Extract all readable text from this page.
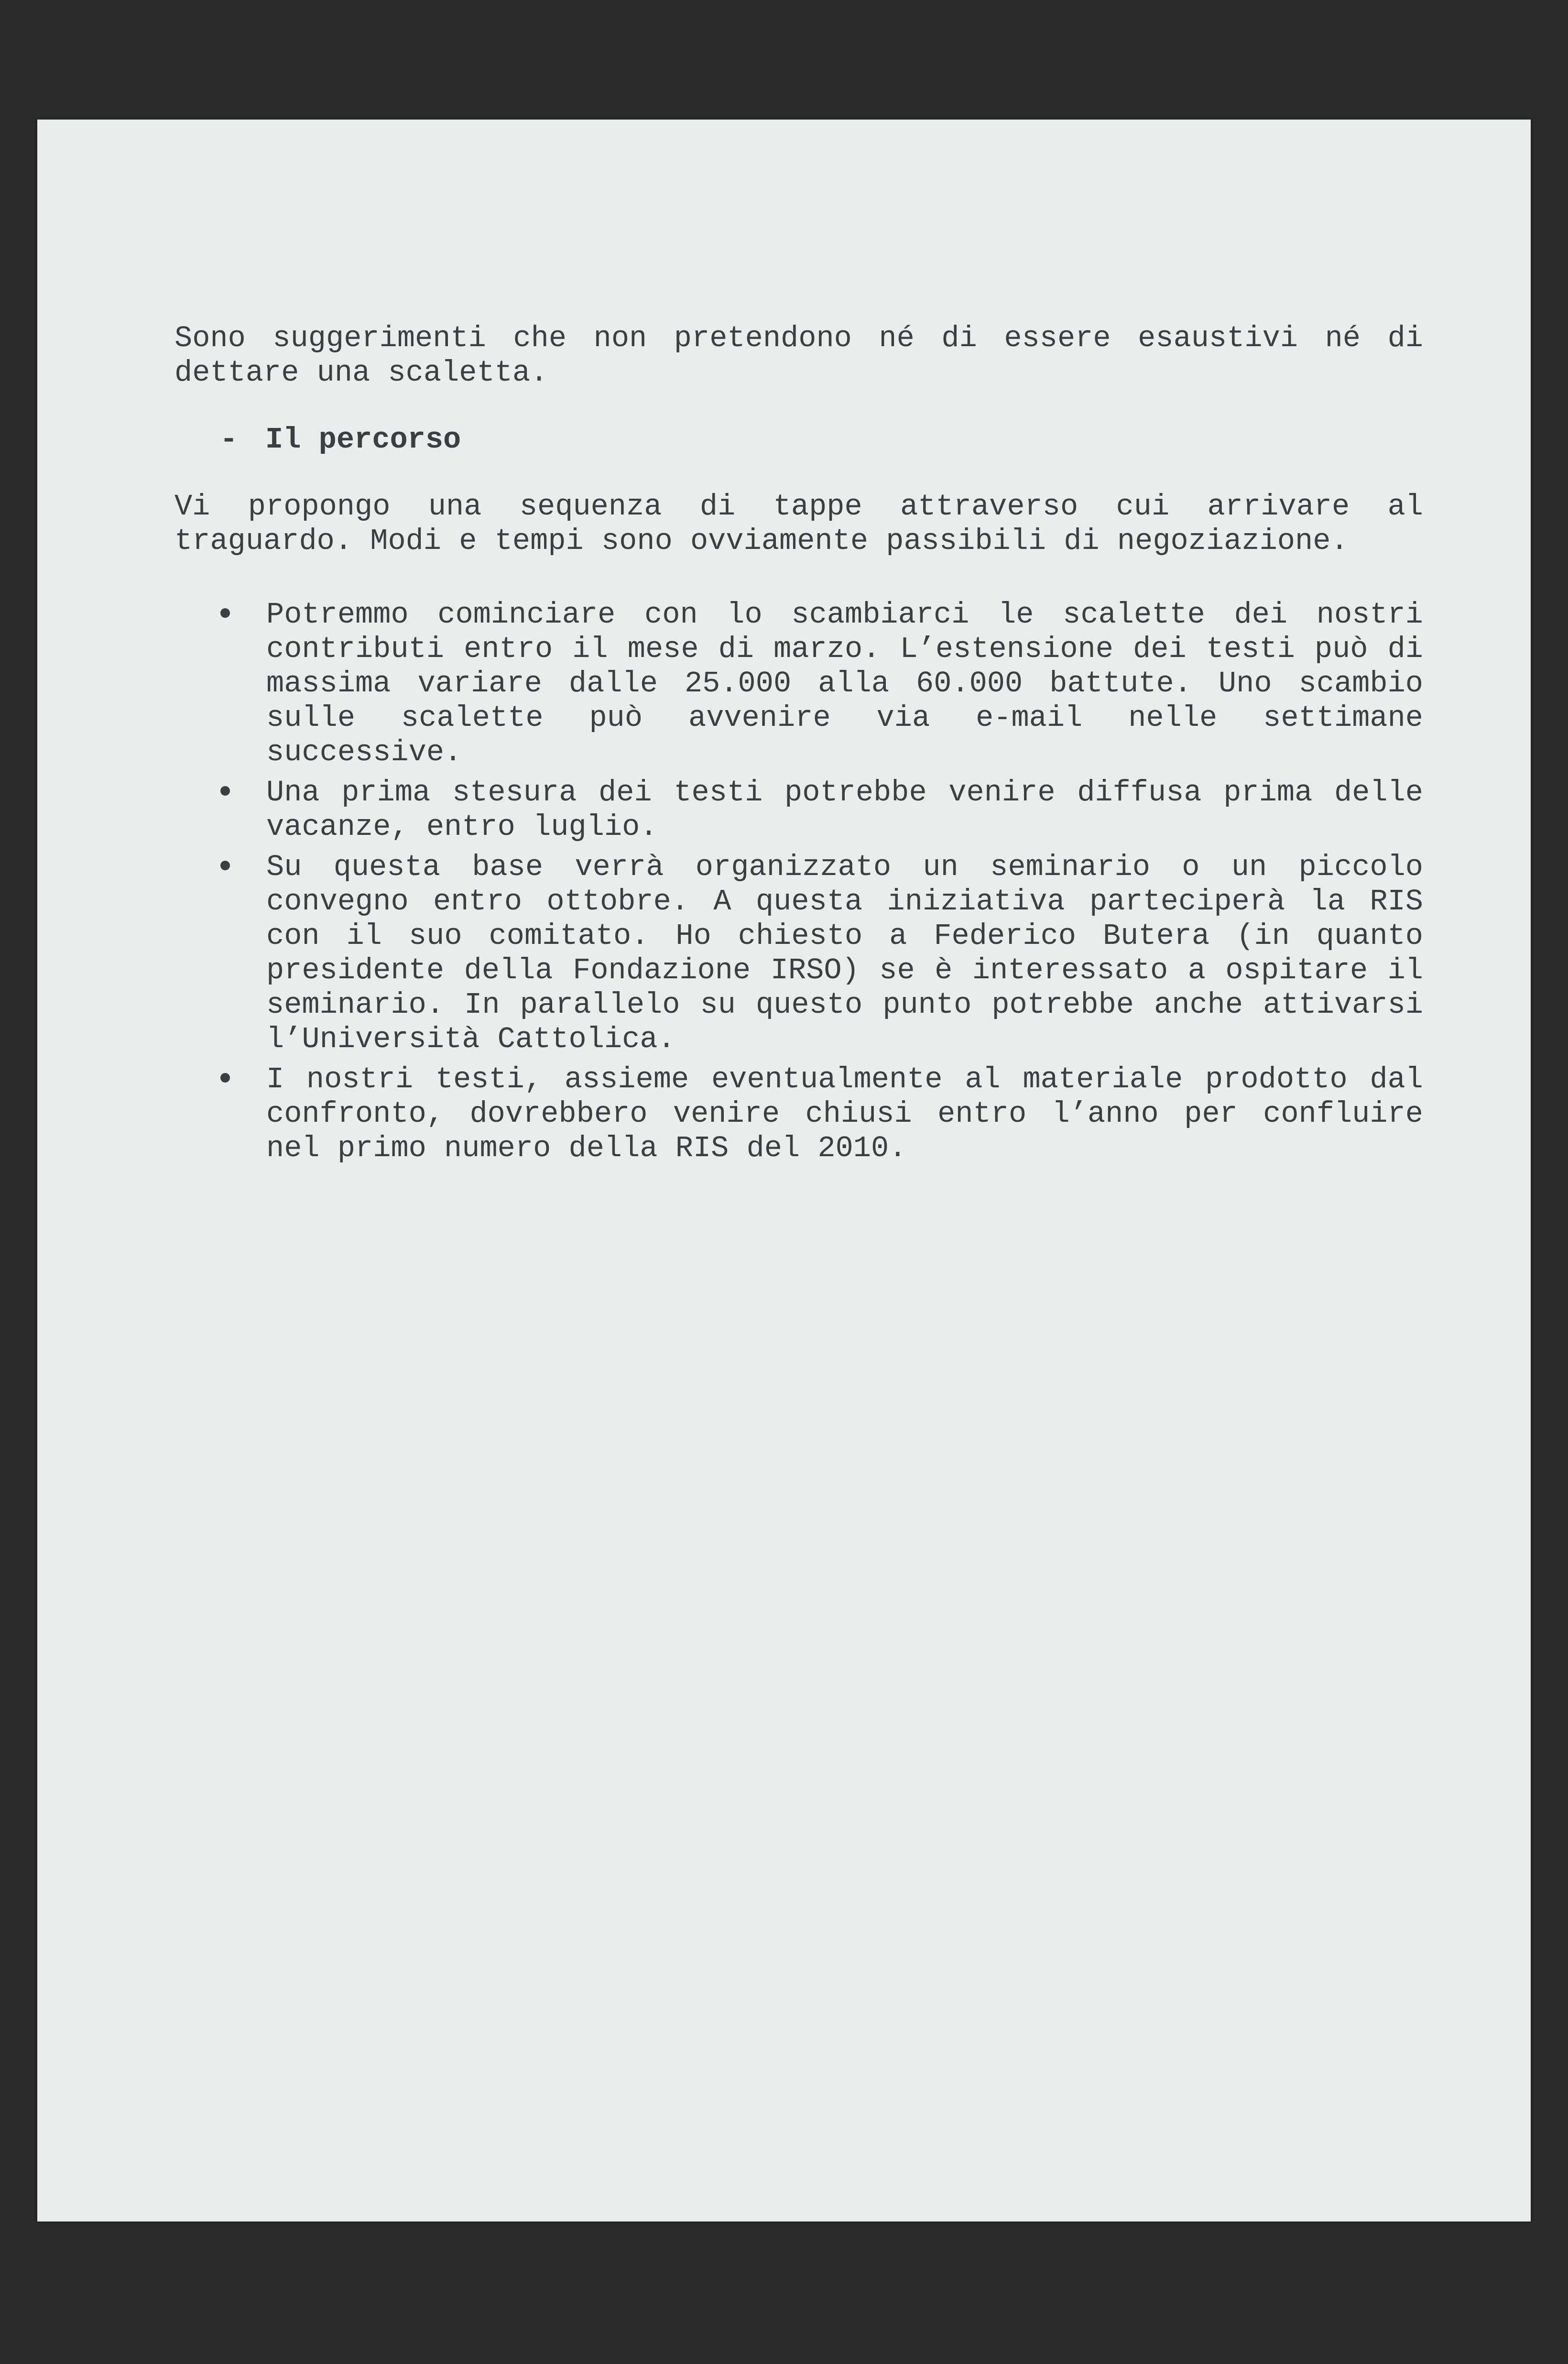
Sono suggerimenti che non pretendono né di essere esaustivi né di dettare una scaletta.

- Il percorso

Vi propongo una sequenza di tappe attraverso cui arrivare al traguardo. Modi e tempi sono ovviamente passibili di negoziazione.

Potremmo cominciare con lo scambiarci le scalette dei nostri contributi entro il mese di marzo. L’estensione dei testi può di massima variare dalle 25.000 alla 60.000 battute. Uno scambio sulle scalette può avvenire via e-mail nelle settimane successive.
Una prima stesura dei testi potrebbe venire diffusa prima delle vacanze, entro luglio.
Su questa base verrà organizzato un seminario o un piccolo convegno entro ottobre. A questa iniziativa parteciperà la RIS con il suo comitato. Ho chiesto a Federico Butera (in quanto presidente della Fondazione IRSO) se è interessato a ospitare il seminario. In parallelo su questo punto potrebbe anche attivarsi l’Università Cattolica.
I nostri testi, assieme eventualmente al materiale prodotto dal confronto, dovrebbero venire chiusi entro l’anno per confluire nel primo numero della RIS del 2010.
